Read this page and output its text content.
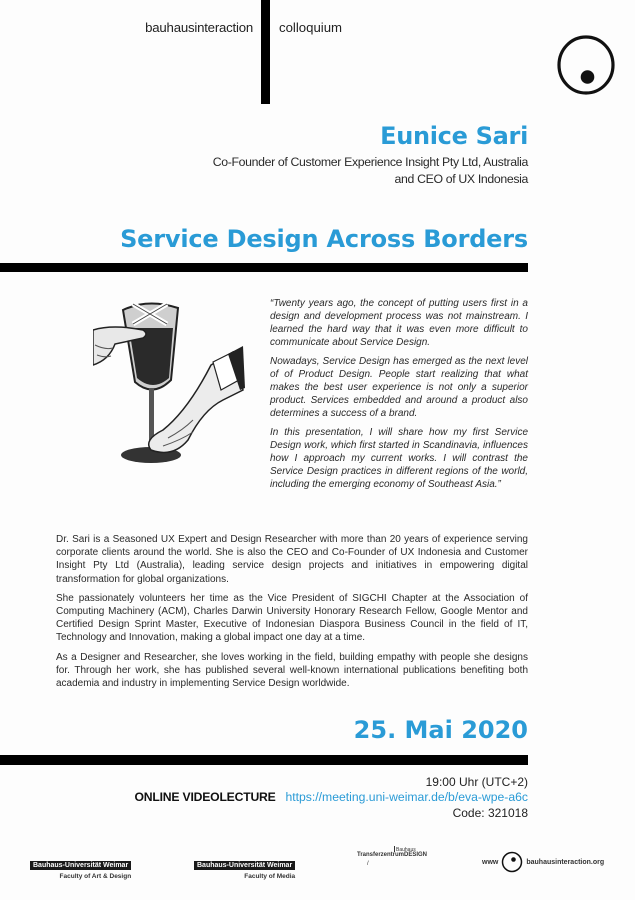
bauhausinteraction colloquium
Eunice Sari
Co-Founder of Customer Experience Insight Pty Ltd, Australia
and CEO of UX Indonesia
Service Design Across Borders

“Twenty years ago, the concept of putting users first in a design and development process was not mainstream. I learned the hard way that it was even more difficult to communicate about Service Design.

Nowadays, Service Design has emerged as the next level of of Product Design. People start realizing that what makes the best user experience is not only a superior product. Services embedded and around a product also determines a success of a brand.

In this presentation, I will share how my first Service Design work, which first started in Scandinavia, influences how I approach my current works. I will contrast the Service Design practices in different regions of the world, including the emerging economy of Southeast Asia.”

Dr. Sari is a Seasoned UX Expert and Design Researcher with more than 20 years of experience serving corporate clients around the world. She is also the CEO and Co-Founder of UX Indonesia and Customer Insight Pty Ltd (Australia), leading service design projects and initiatives in empowering digital transformation for global organizations.

She passionately volunteers her time as the Vice President of SIGCHI Chapter at the Association of Computing Machinery (ACM), Charles Darwin University Honorary Research Fellow, Google Mentor and Certified Design Sprint Master, Executive of Indonesian Diaspora Business Council in the field of IT, Technology and Innovation, making a global impact one day at a time.

As a Designer and Researcher, she loves working in the field, building empathy with people she designs for. Through her work, she has published several well-known international publications benefiting both academia and industry in implementing Service Design worldwide.

25. Mai 2020
19:00 Uhr (UTC+2)
ONLINE VIDEOLECTURE https://meeting.uni-weimar.de/b/eva-wpe-a6c
Code: 321018
Bauhaus-Universität Weimar
Faculty of Art & Design
Bauhaus-Universität Weimar
Faculty of Media
Bauhaus
TransferzentrumDESIGN
/	www	bauhausinteraction.org
